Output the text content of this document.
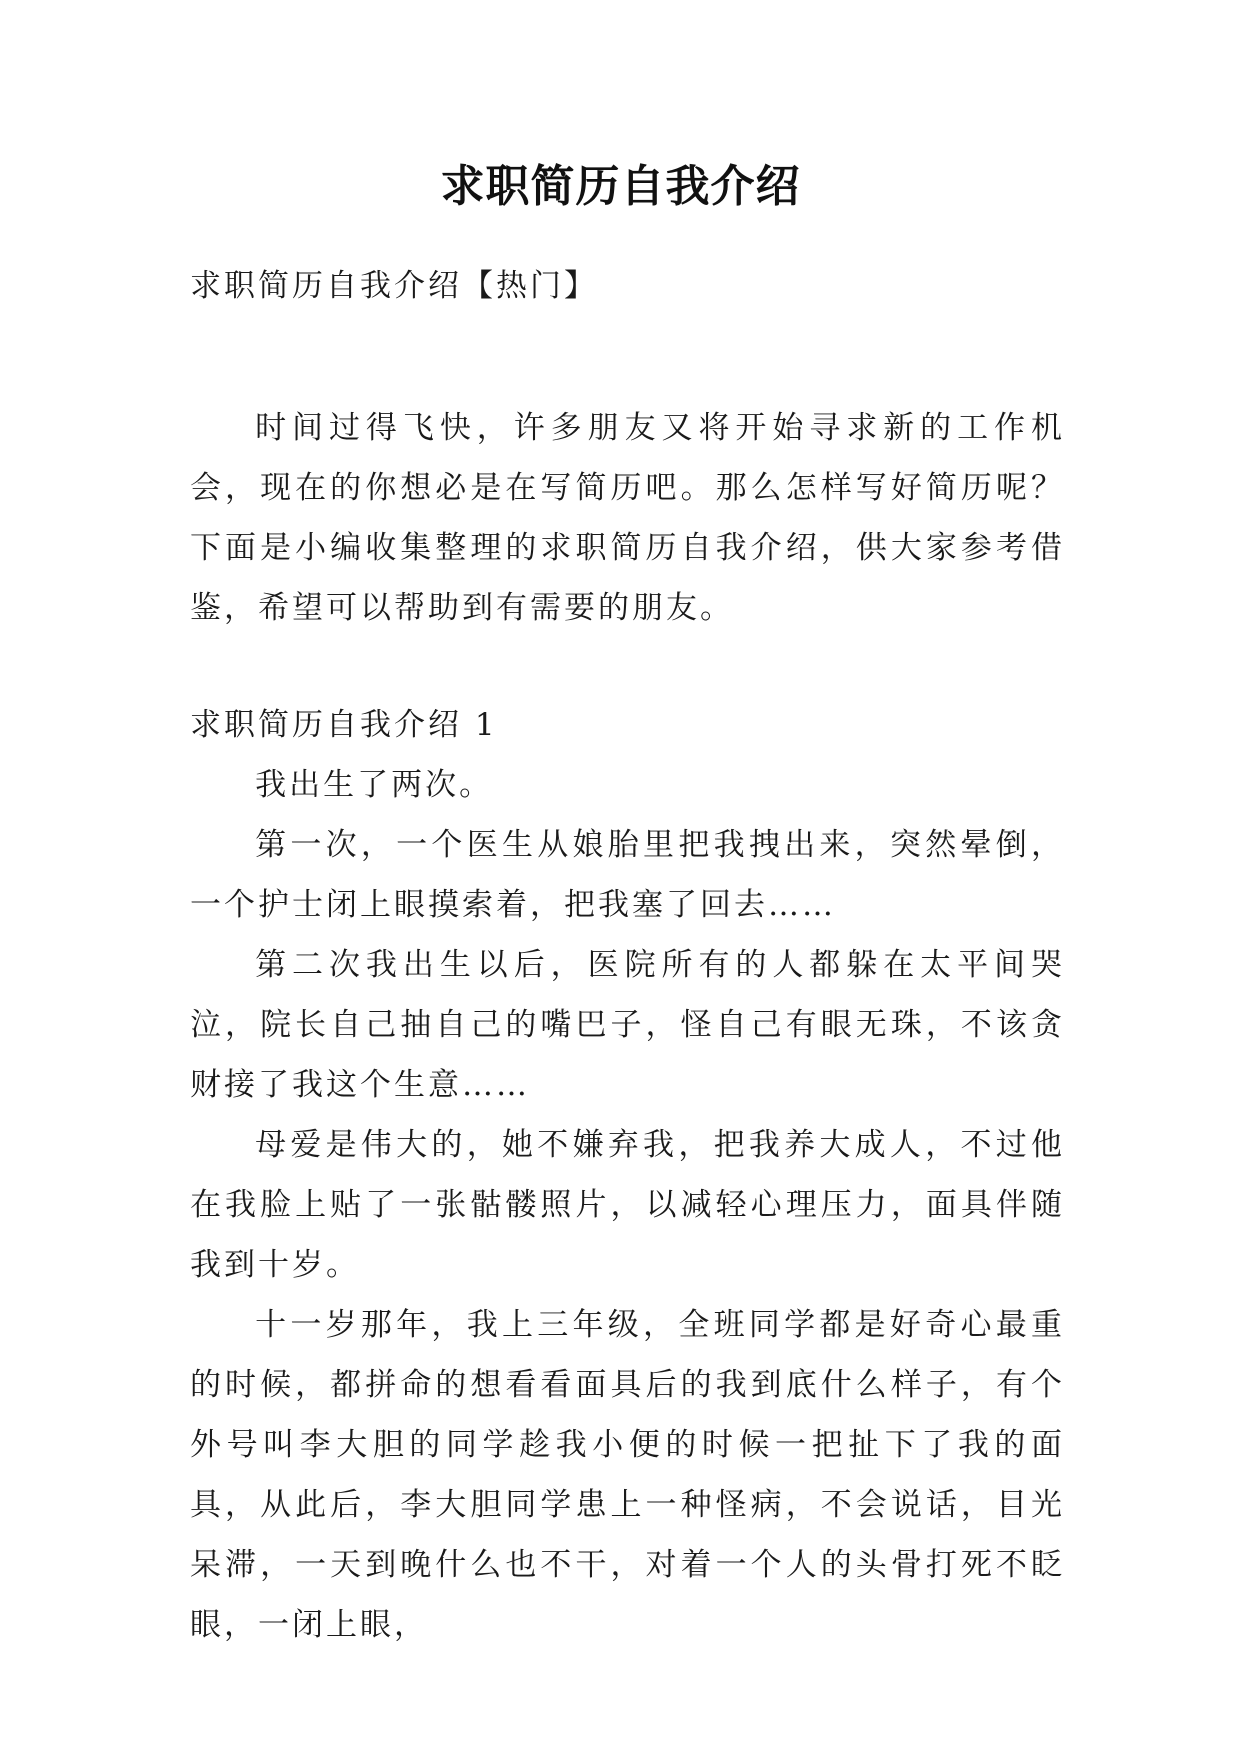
求职简历自我介绍
求职简历自我介绍【热门】

时间过得飞快，许多朋友又将开始寻求新的工作机会，现在的你想必是在写简历吧。那么怎样写好简历呢？下面是小编收集整理的求职简历自我介绍，供大家参考借鉴，希望可以帮助到有需要的朋友。

求职简历自我介绍 1

我出生了两次。

第一次，一个医生从娘胎里把我拽出来，突然晕倒，一个护士闭上眼摸索着，把我塞了回去……

第二次我出生以后，医院所有的人都躲在太平间哭泣，院长自己抽自己的嘴巴子，怪自己有眼无珠，不该贪财接了我这个生意……

母爱是伟大的，她不嫌弃我，把我养大成人，不过他在我脸上贴了一张骷髅照片，以减轻心理压力，面具伴随我到十岁。

十一岁那年，我上三年级，全班同学都是好奇心最重的时候，都拼命的想看看面具后的我到底什么样子，有个外号叫李大胆的同学趁我小便的时候一把扯下了我的面具，从此后，李大胆同学患上一种怪病，不会说话，目光呆滞，一天到晚什么也不干，对着一个人的头骨打死不眨眼，一闭上眼，
